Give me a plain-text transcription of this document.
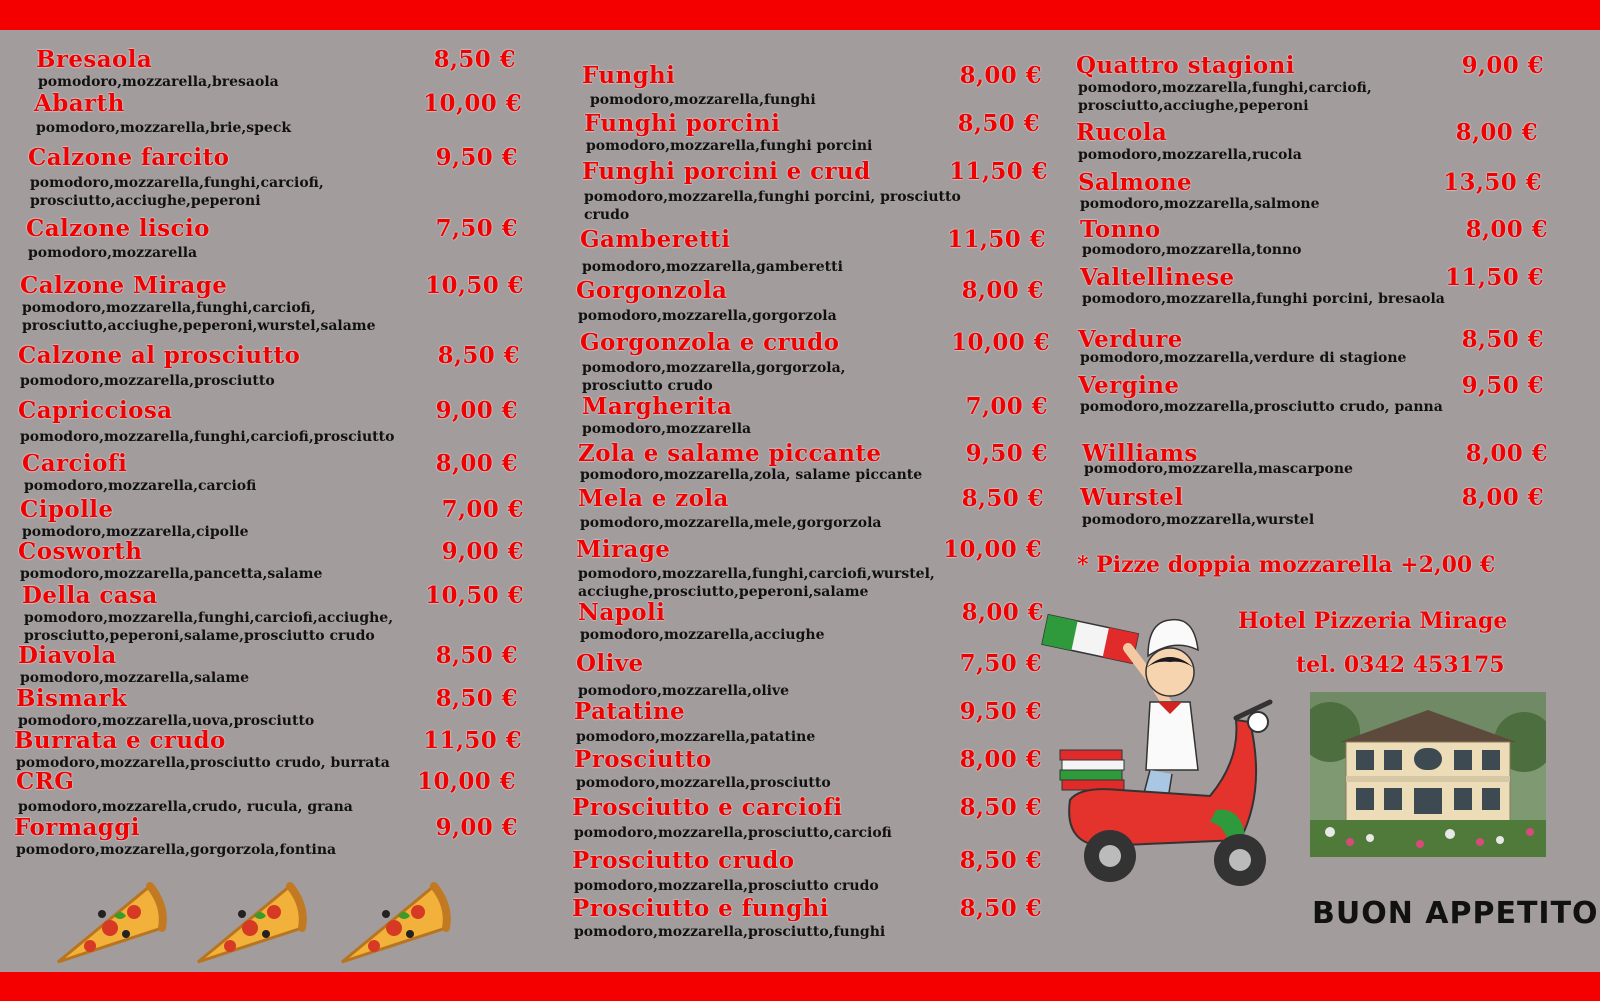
Bresaola	8,50 €
pomodoro,mozzarella,bresaola
Abarth	10,00 €
pomodoro,mozzarella,brie,speck
Calzone farcito	9,50 €
pomodoro,mozzarella,funghi,carciofi, prosciutto,acciughe,peperoni
Calzone liscio	7,50 €
pomodoro,mozzarella
Calzone Mirage	10,50 €
pomodoro,mozzarella,funghi,carciofi, prosciutto,acciughe,peperoni,wurstel,salame
Calzone al prosciutto	8,50 €
pomodoro,mozzarella,prosciutto
Capricciosa	9,00 €
pomodoro,mozzarella,funghi,carciofi,prosciutto
Carciofi	8,00 €
pomodoro,mozzarella,carciofi
Cipolle	7,00 €
pomodoro,mozzarella,cipolle
Cosworth	9,00 €
pomodoro,mozzarella,pancetta,salame
Della casa	10,50 €
pomodoro,mozzarella,funghi,carciofi,acciughe, prosciutto,peperoni,salame,prosciutto crudo
Diavola	8,50 €
pomodoro,mozzarella,salame
Bismark	8,50 €
pomodoro,mozzarella,uova,prosciutto
Burrata e crudo	11,50 €
pomodoro,mozzarella,prosciutto crudo, burrata
CRG	10,00 €
pomodoro,mozzarella,crudo, rucula, grana
Formaggi	9,00 €
pomodoro,mozzarella,gorgorzola,fontina
Funghi	8,00 €
pomodoro,mozzarella,funghi
Funghi porcini	8,50 €
pomodoro,mozzarella,funghi porcini
Funghi porcini e crud	11,50 €
pomodoro,mozzarella,funghi porcini, prosciutto crudo
Gamberetti	11,50 €
pomodoro,mozzarella,gamberetti
Gorgonzola	8,00 €
pomodoro,mozzarella,gorgorzola
Gorgonzola e crudo	10,00 €
pomodoro,mozzarella,gorgorzola, prosciutto crudo
Margherita	7,00 €
pomodoro,mozzarella
Zola e salame piccante	9,50 €
pomodoro,mozzarella,zola, salame piccante
Mela e zola	8,50 €
pomodoro,mozzarella,mele,gorgorzola
Mirage	10,00 €
pomodoro,mozzarella,funghi,carciofi,wurstel, acciughe,prosciutto,peperoni,salame
Napoli	8,00 €
pomodoro,mozzarella,acciughe
Olive	7,50 €
pomodoro,mozzarella,olive
Patatine	9,50 €
pomodoro,mozzarella,patatine
Prosciutto	8,00 €
pomodoro,mozzarella,prosciutto
Prosciutto e carciofi	8,50 €
pomodoro,mozzarella,prosciutto,carciofi
Prosciutto crudo	8,50 €
pomodoro,mozzarella,prosciutto crudo
Prosciutto e funghi	8,50 €
pomodoro,mozzarella,prosciutto,funghi
Quattro stagioni	9,00 €
pomodoro,mozzarella,funghi,carciofi, prosciutto,acciughe,peperoni
Rucola	8,00 €
pomodoro,mozzarella,rucola
Salmone	13,50 €
pomodoro,mozzarella,salmone
Tonno	8,00 €
pomodoro,mozzarella,tonno
Valtellinese	11,50 €
pomodoro,mozzarella,funghi porcini, bresaola
Verdure	8,50 €
pomodoro,mozzarella,verdure di stagione
Vergine	9,50 €
pomodoro,mozzarella,prosciutto crudo, panna
Williams	8,00 €
pomodoro,mozzarella,mascarpone
Wurstel	8,00 €
pomodoro,mozzarella,wurstel
* Pizze doppia mozzarella +2,00 €
Hotel Pizzeria Mirage
tel. 0342 453175
BUON APPETITO
